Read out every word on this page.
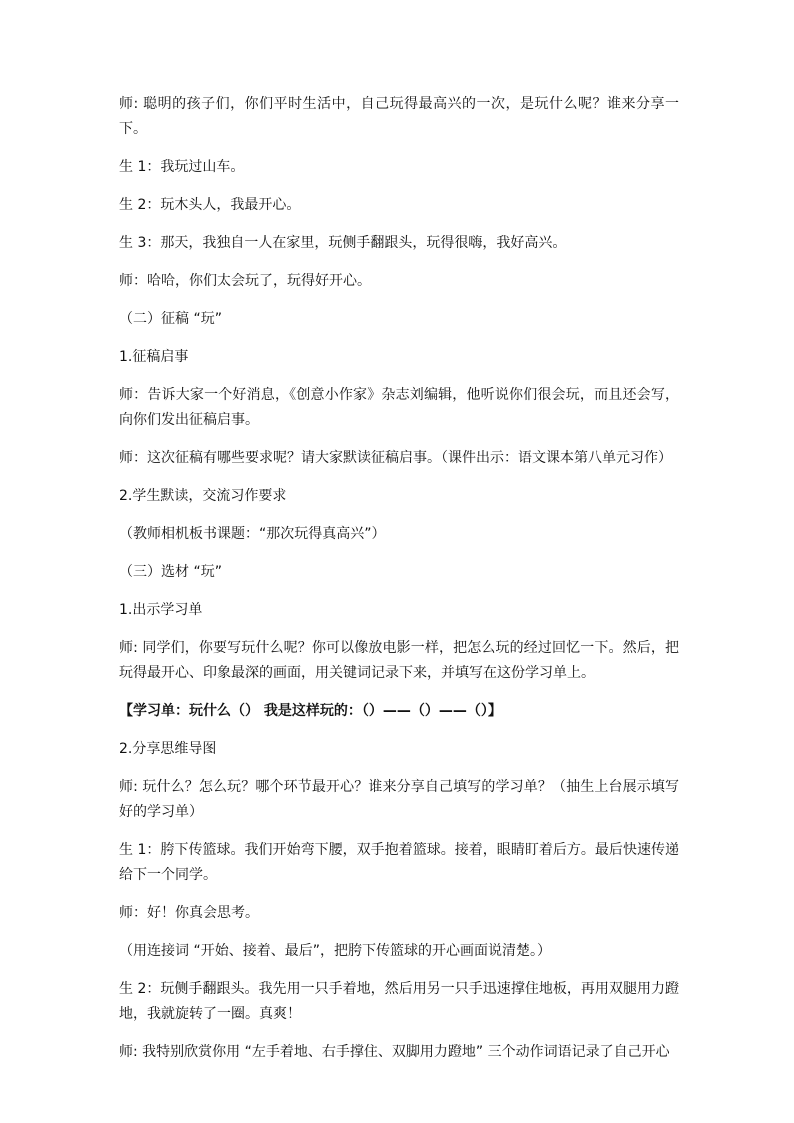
师: 聪明的孩子们，你们平时生活中，自己玩得最高兴的一次，是玩什么呢？谁来分享一下。

生 1：我玩过山车。

生 2：玩木头人，我最开心。

生 3：那天，我独自一人在家里，玩侧手翻跟头，玩得很嗨，我好高兴。

师：哈哈，你们太会玩了，玩得好开心。

（二）征稿 “玩”

1.征稿启事

师：告诉大家一个好消息，《创意小作家》杂志刘编辑，他听说你们很会玩，而且还会写，向你们发出征稿启事。

师：这次征稿有哪些要求呢？请大家默读征稿启事。（课件出示：语文课本第八单元习作）

2.学生默读，交流习作要求

（教师相机板书课题：“那次玩得真高兴”）

（三）选材 “玩”

1.出示学习单

师: 同学们，你要写玩什么呢？你可以像放电影一样，把怎么玩的经过回忆一下。然后，把玩得最开心、印象最深的画面，用关键词记录下来，并填写在这份学习单上。

【学习单：玩什么（） 我是这样玩的：（）——（）——（）】

2.分享思维导图

师: 玩什么？怎么玩？哪个环节最开心？谁来分享自己填写的学习单？（抽生上台展示填写好的学习单）

生 1：胯下传篮球。我们开始弯下腰，双手抱着篮球。接着，眼睛盯着后方。最后快速传递给下一个同学。

师：好！你真会思考。

（用连接词 “开始、接着、最后”，把胯下传篮球的开心画面说清楚。）

生 2：玩侧手翻跟头。我先用一只手着地，然后用另一只手迅速撑住地板，再用双腿用力蹬地，我就旋转了一圈。真爽！

师: 我特别欣赏你用 “左手着地、右手撑住、双脚用力蹬地” 三个动作词语记录了自己开心
